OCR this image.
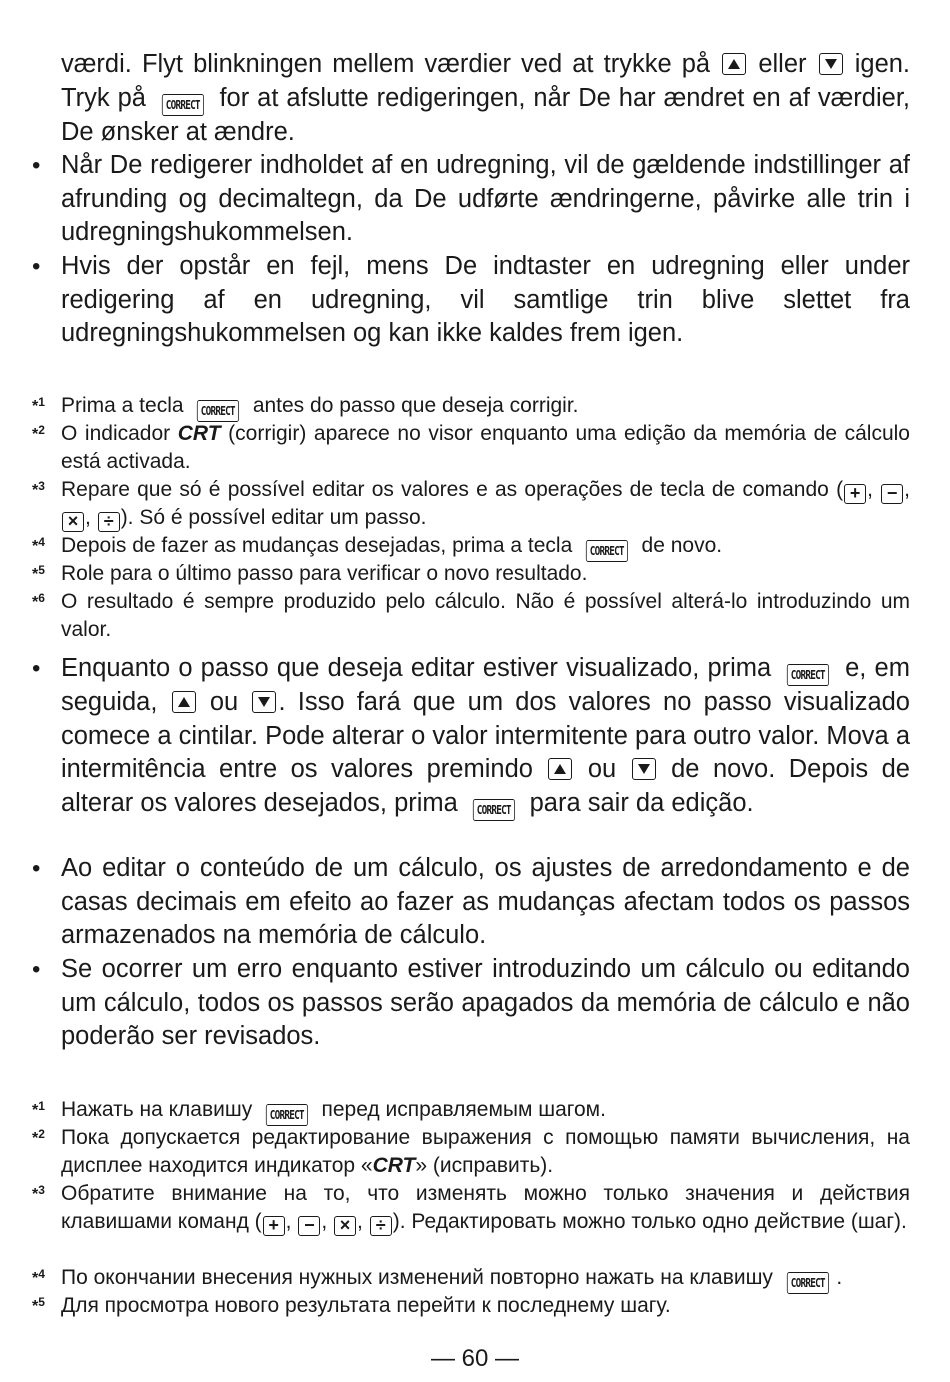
værdi. Flyt blinkningen mellem værdier ved at trykke på eller igen. Tryk på CORRECT for at afslutte redigeringen, når De har ændret en af værdier, De ønsker at ændre.

• Når De redigerer indholdet af en udregning, vil de gældende indstillinger af afrunding og decimaltegn, da De udførte ændringerne, påvirke alle trin i udregningshukommelsen.

• Hvis der opstår en fejl, mens De indtaster en udregning eller under redigering af en udregning, vil samtlige trin blive slettet fra udregningshukommelsen og kan ikke kaldes frem igen.

*$^1$ Prima a tecla CORRECT antes do passo que deseja corrigir.

*$^2$ O indicador CRT (corrigir) aparece no visor enquanto uma edição da memória de cálculo está activada.

*$^3$ Repare que só é possível editar os valores e as operações de tecla de comando ( + , − , × , ÷ ). Só é possível editar um passo.

*$^4$ Depois de fazer as mudanças desejadas, prima a tecla CORRECT de novo.

*$^5$ Role para o último passo para verificar o novo resultado.

*$^6$ O resultado é sempre produzido pelo cálculo. Não é possível alterá-lo introduzindo um valor.

• Enquanto o passo que deseja editar estiver visualizado, prima CORRECT e, em seguida, ou . Isso fará que um dos valores no passo visualizado comece a cintilar. Pode alterar o valor intermitente para outro valor. Mova a intermitência entre os valores premindo ou de novo. Depois de alterar os valores desejados, prima CORRECT para sair da edição.

• Ao editar o conteúdo de um cálculo, os ajustes de arredondamento e de casas decimais em efeito ao fazer as mudanças afectam todos os passos armazenados na memória de cálculo.

• Se ocorrer um erro enquanto estiver introduzindo um cálculo ou editando um cálculo, todos os passos serão apagados da memória de cálculo e não poderão ser revisados.

*$^1$ Нажать на клавишу CORRECT перед исправляемым шагом.

*$^2$ Пока допускается редактирование выражения с помощью памяти вычисления, на дисплее находится индикатор «CRT» (исправить).

*$^3$ Обратите внимание на то, что изменять можно только значения и действия клавишами команд ( + , − , × , ÷ ). Редактировать можно только одно действие (шаг).

*$^4$ По окончании внесения нужных изменений повторно нажать на клавишу CORRECT .

*$^5$ Для просмотра нового результата перейти к последнему шагу.

— 60 —
